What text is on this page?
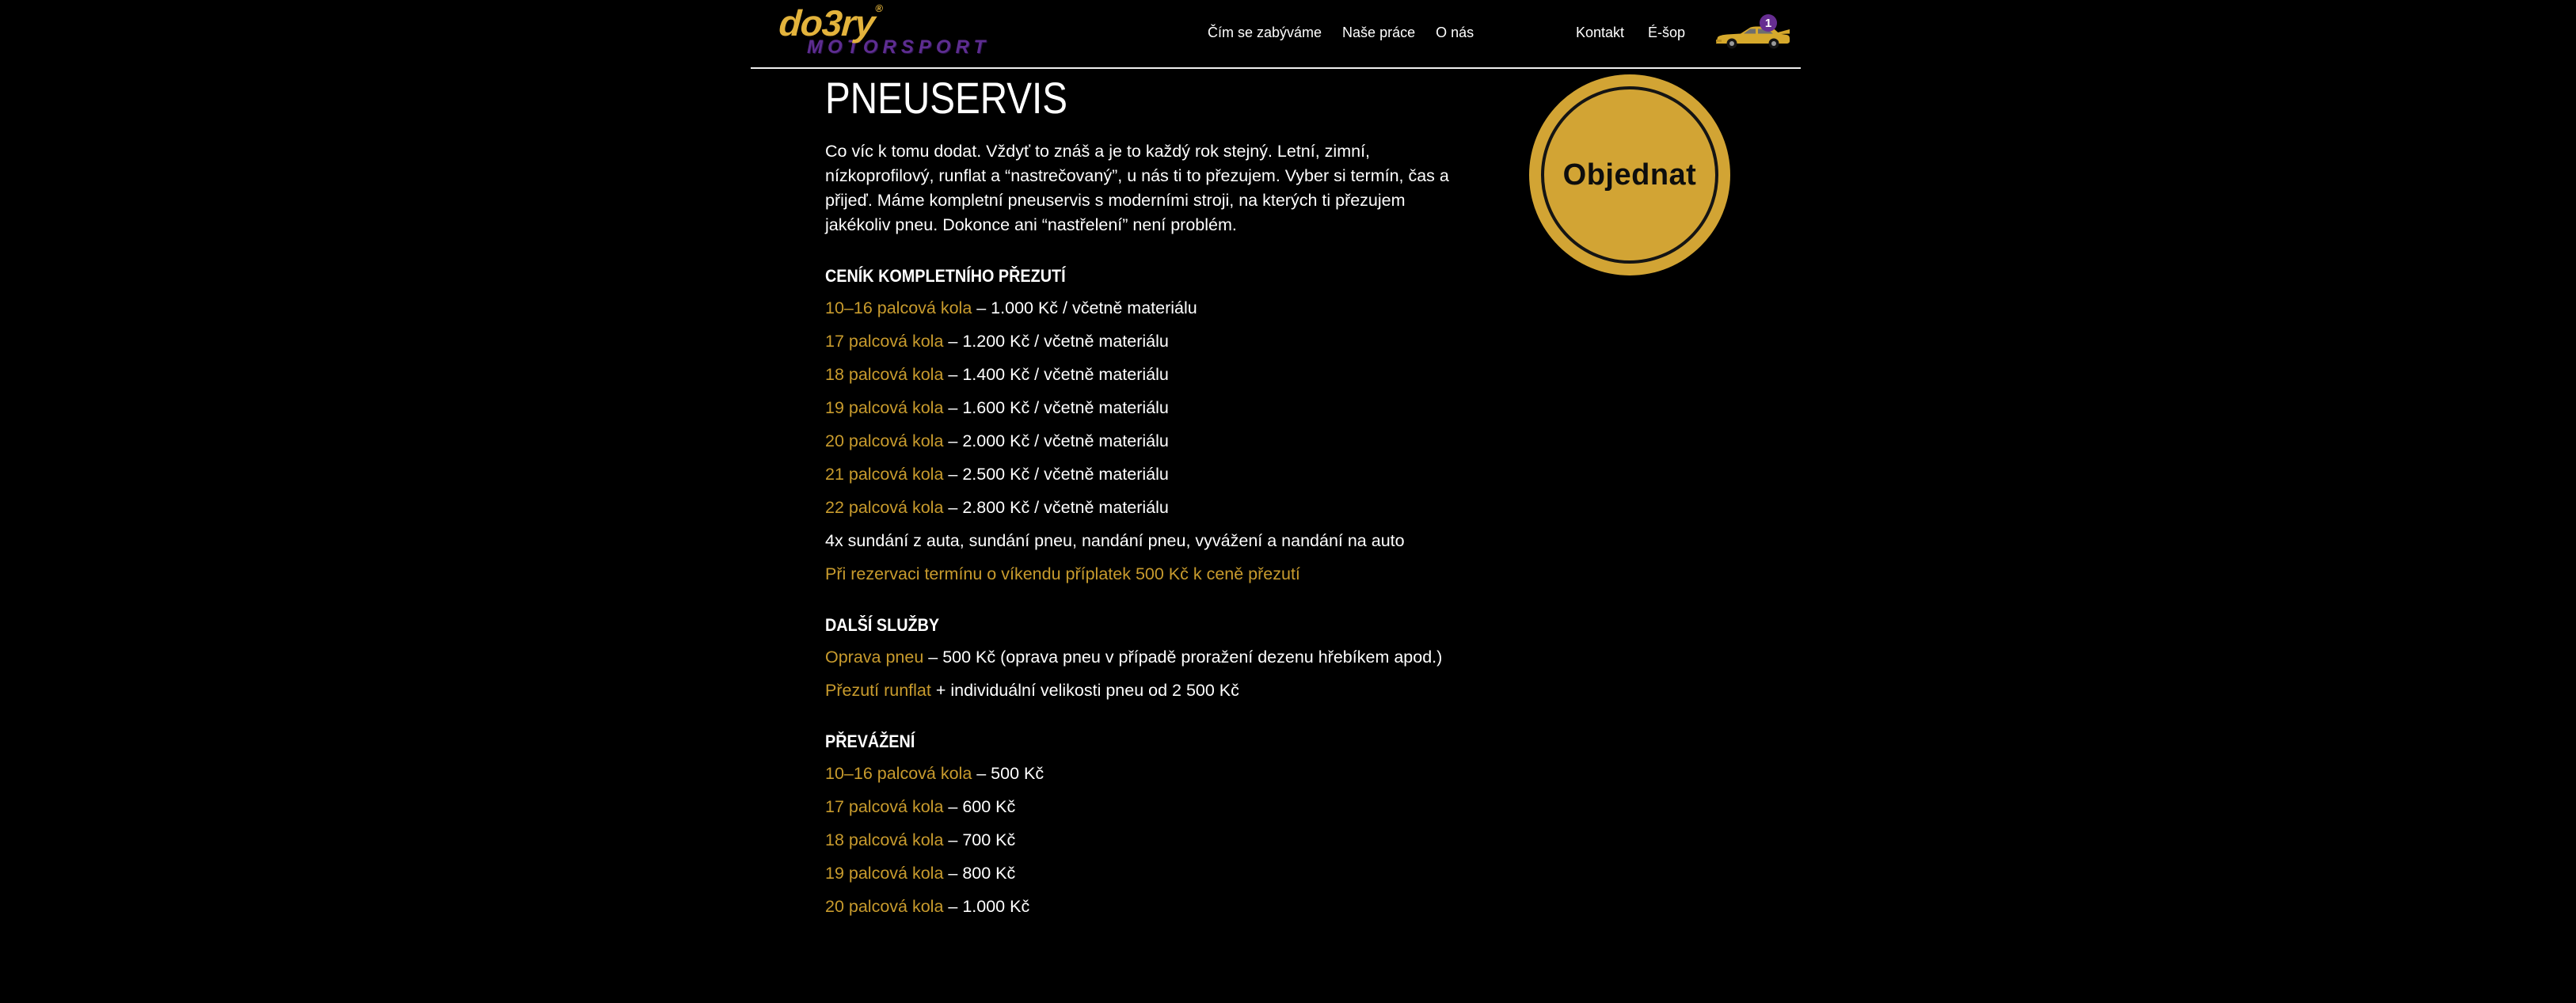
do3ry®
MOTORSPORT
Čím se zabýváme Naše práce O nás	Kontakt É-šop
1
PNEUSERVIS

Co víc k tomu dodat. Vždyť to znáš a je to každý rok stejný. Letní, zimní, nízkoprofilový, runflat a “nastrečovaný”, u nás ti to přezujem. Vyber si termín, čas a přijeď. Máme kompletní pneuservis s moderními stroji, na kterých ti přezujem jakékoliv pneu. Dokonce ani “nastřelení” není problém.

CENÍK KOMPLETNÍHO PŘEZUTÍ

10–16 palcová kola – 1.000 Kč / včetně materiálu

17 palcová kola – 1.200 Kč / včetně materiálu

18 palcová kola – 1.400 Kč / včetně materiálu

19 palcová kola – 1.600 Kč / včetně materiálu

20 palcová kola – 2.000 Kč / včetně materiálu

21 palcová kola – 2.500 Kč / včetně materiálu

22 palcová kola – 2.800 Kč / včetně materiálu

4x sundání z auta, sundání pneu, nandání pneu, vyvážení a nandání na auto

Při rezervaci termínu o víkendu příplatek 500 Kč k ceně přezutí

DALŠÍ SLUŽBY

Oprava pneu – 500 Kč (oprava pneu v případě proražení dezenu hřebíkem apod.)

Přezutí runflat + individuální velikosti pneu od 2 500 Kč

PŘEVÁŽENÍ

10–16 palcová kola – 500 Kč

17 palcová kola – 600 Kč

18 palcová kola – 700 Kč

19 palcová kola – 800 Kč

20 palcová kola – 1.000 Kč

Objednat
